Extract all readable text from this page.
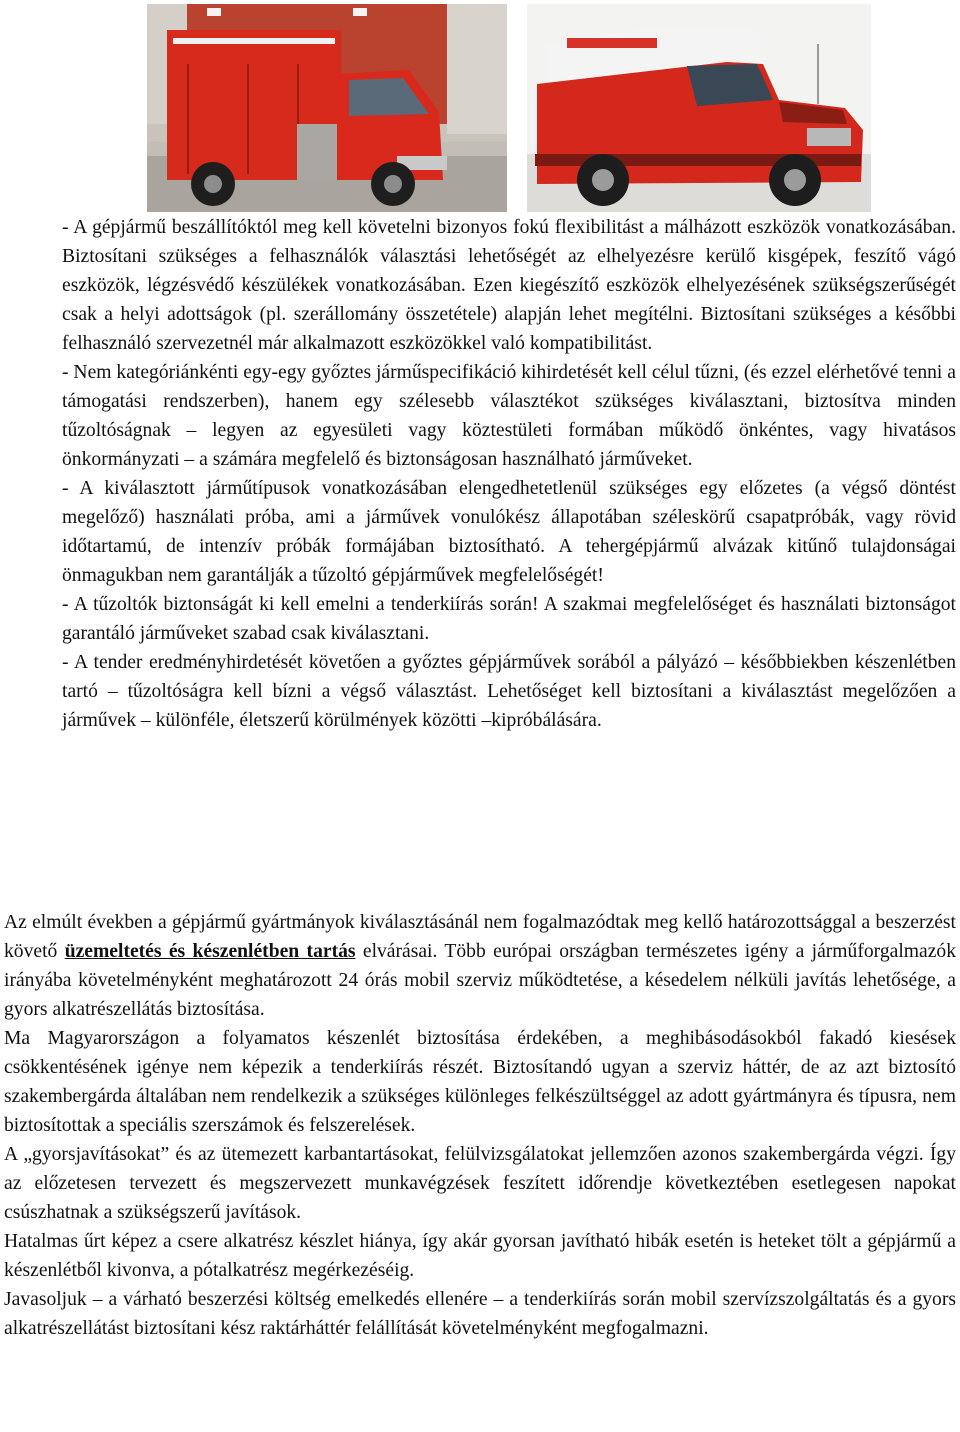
- A gépjármű beszállítóktól meg kell követelni bizonyos fokú flexibilitást a málházott eszközök vonatkozásában. Biztosítani szükséges a felhasználók választási lehetőségét az elhelyezésre kerülő kisgépek, feszítő vágó eszközök, légzésvédő készülékek vonatkozásában. Ezen kiegészítő eszközök elhelyezésének szükségszerűségét csak a helyi adottságok (pl. szerállomány összetétele) alapján lehet megítélni. Biztosítani szükséges a későbbi felhasználó szervezetnél már alkalmazott eszközökkel való kompatibilitást.

- Nem kategóriánkénti egy-egy győztes járműspecifikáció kihirdetését kell célul tűzni, (és ezzel elérhetővé tenni a támogatási rendszerben), hanem egy szélesebb választékot szükséges kiválasztani, biztosítva minden tűzoltóságnak – legyen az egyesületi vagy köztestületi formában működő önkéntes, vagy hivatásos önkormányzati – a számára megfelelő és biztonságosan használható járműveket.

- A kiválasztott járműtípusok vonatkozásában elengedhetetlenül szükséges egy előzetes (a végső döntést megelőző) használati próba, ami a járművek vonulókész állapotában széleskörű csapatpróbák, vagy rövid időtartamú, de intenzív próbák formájában biztosítható. A tehergépjármű alvázak kitűnő tulajdonságai önmagukban nem garantálják a tűzoltó gépjárművek megfelelőségét!

- A tűzoltók biztonságát ki kell emelni a tenderkiírás során! A szakmai megfelelőséget és használati biztonságot garantáló járműveket szabad csak kiválasztani.

- A tender eredményhirdetését követően a győztes gépjárművek sorából a pályázó – későbbiekben készenlétben tartó – tűzoltóságra kell bízni a végső választást. Lehetőséget kell biztosítani a kiválasztást megelőzően a járművek – különféle, életszerű körülmények közötti –kipróbálására.

Az elmúlt években a gépjármű gyártmányok kiválasztásánál nem fogalmazódtak meg kellő határozottsággal a beszerzést követő üzemeltetés és készenlétben tartás elvárásai. Több európai országban természetes igény a járműforgalmazók irányába követelményként meghatározott 24 órás mobil szerviz működtetése, a késedelem nélküli javítás lehetősége, a gyors alkatrészellátás biztosítása.

Ma Magyarországon a folyamatos készenlét biztosítása érdekében, a meghibásodásokból fakadó kiesések csökkentésének igénye nem képezik a tenderkiírás részét. Biztosítandó ugyan a szerviz háttér, de az azt biztosító szakembergárda általában nem rendelkezik a szükséges különleges felkészültséggel az adott gyártmányra és típusra, nem biztosítottak a speciális szerszámok és felszerelések.

A „gyorsjavításokat” és az ütemezett karbantartásokat, felülvizsgálatokat jellemzően azonos szakembergárda végzi. Így az előzetesen tervezett és megszervezett munkavégzések feszített időrendje következtében esetlegesen napokat csúszhatnak a szükségszerű javítások.

Hatalmas űrt képez a csere alkatrész készlet hiánya, így akár gyorsan javítható hibák esetén is heteket tölt a gépjármű a készenlétből kivonva, a pótalkatrész megérkezéséig.

Javasoljuk – a várható beszerzési költség emelkedés ellenére – a tenderkiírás során mobil szervízszolgáltatás és a gyors alkatrészellátást biztosítani kész raktárháttér felállítását követelményként megfogalmazni.
